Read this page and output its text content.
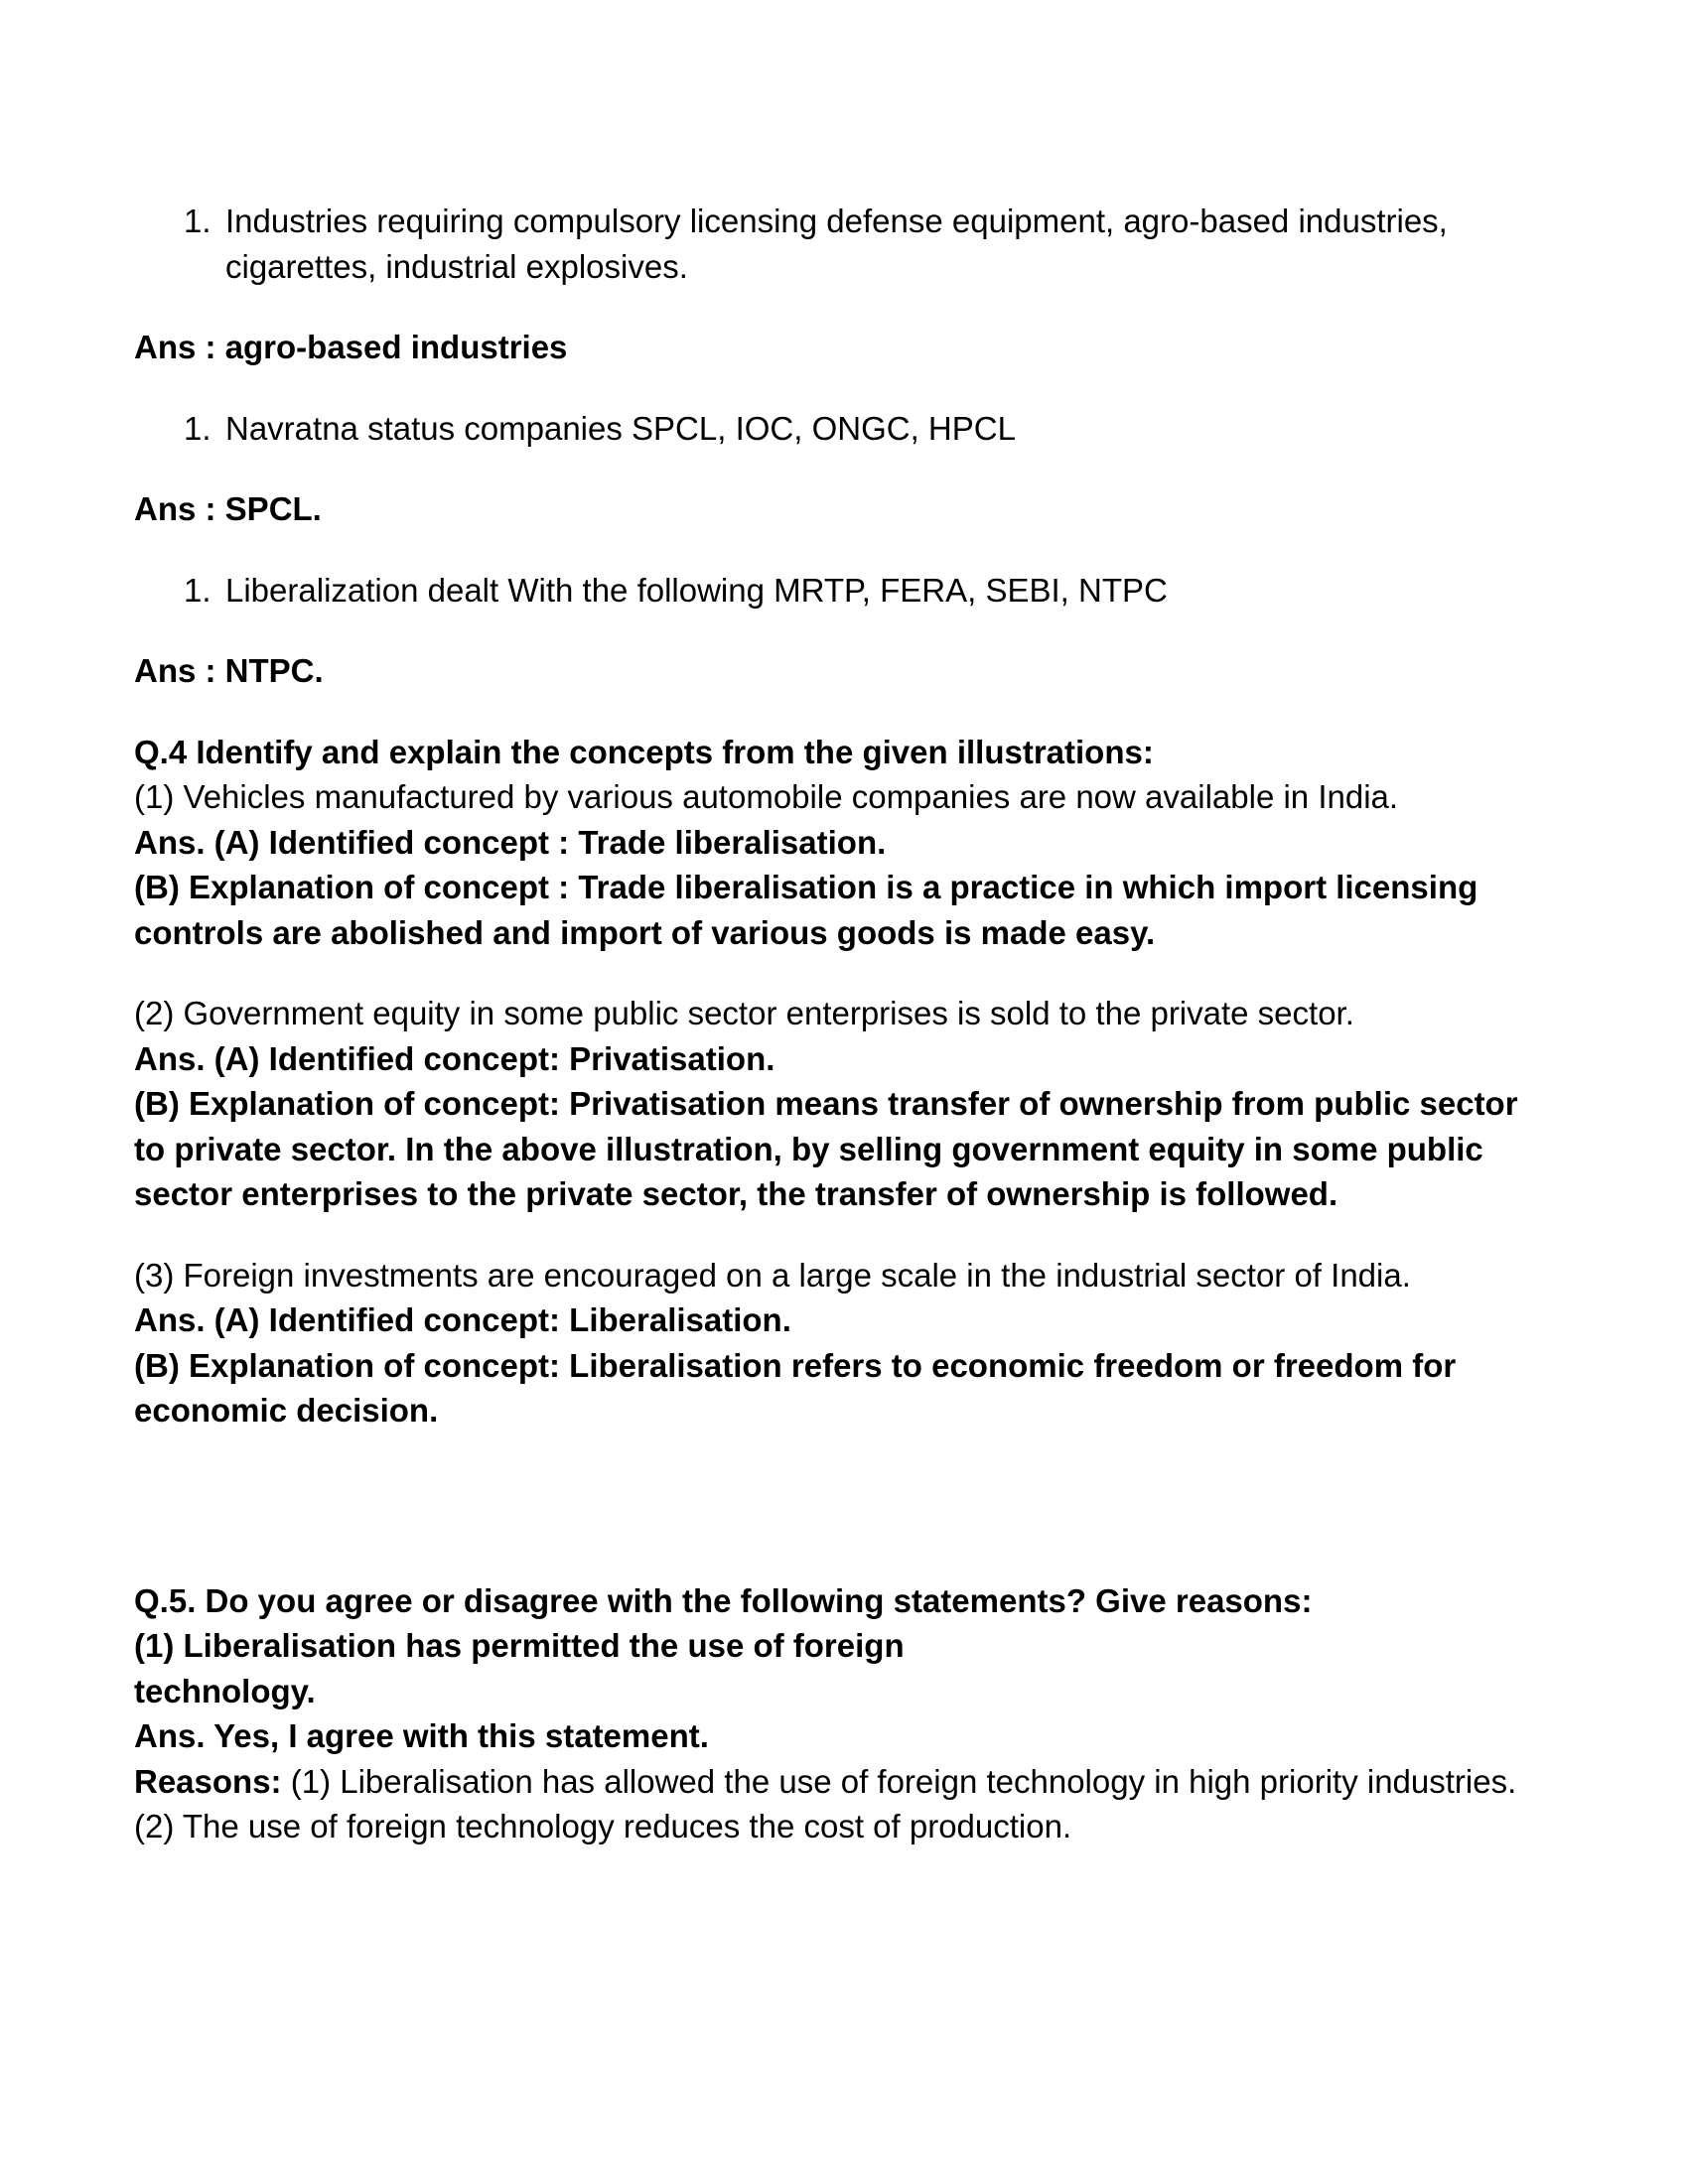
1. Industries requiring compulsory licensing defense equipment, agro-based industries, cigarettes, industrial explosives.
Ans : agro-based industries
1. Navratna status companies SPCL, IOC, ONGC, HPCL
Ans : SPCL.
1. Liberalization dealt With the following MRTP, FERA, SEBI, NTPC
Ans : NTPC.
Q.4 Identify and explain the concepts from the given illustrations:
(1) Vehicles manufactured by various automobile companies are now available in India.
Ans. (A) Identified concept : Trade liberalisation.
(B) Explanation of concept : Trade liberalisation is a practice in which import licensing controls are abolished and import of various goods is made easy.
(2) Government equity in some public sector enterprises is sold to the private sector.
Ans. (A) Identified concept: Privatisation.
(B) Explanation of concept: Privatisation means transfer of ownership from public sector to private sector. In the above illustration, by selling government equity in some public sector enterprises to the private sector, the transfer of ownership is followed.
(3) Foreign investments are encouraged on a large scale in the industrial sector of India.
Ans. (A) Identified concept: Liberalisation.
(B) Explanation of concept: Liberalisation refers to economic freedom or freedom for economic decision.
Q.5. Do you agree or disagree with the following statements? Give reasons:
(1) Liberalisation has permitted the use of foreign
technology.
Ans. Yes, I agree with this statement.
Reasons: (1) Liberalisation has allowed the use of foreign technology in high priority industries.
(2) The use of foreign technology reduces the cost of production.
